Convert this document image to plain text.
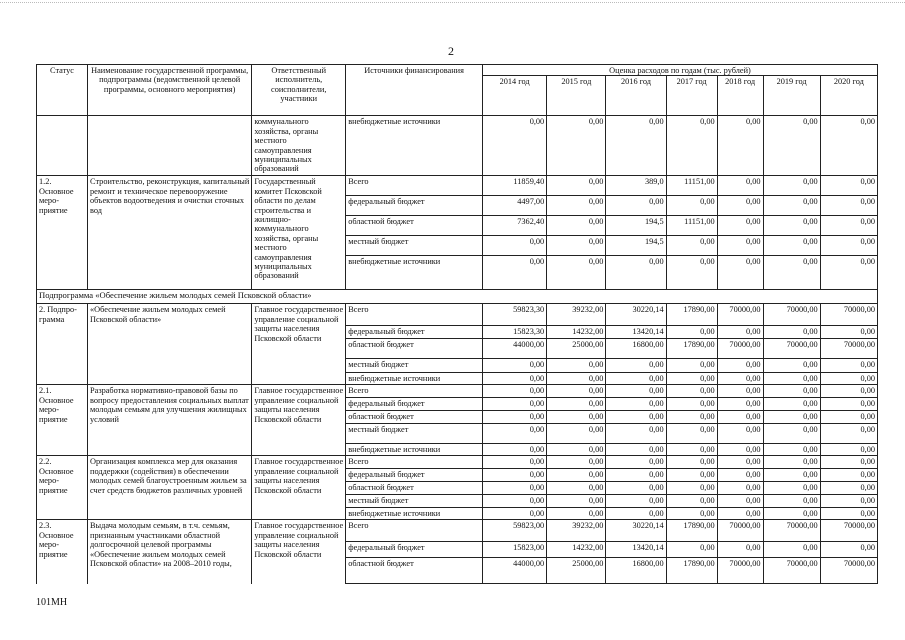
2
Статус	Наименование государственной программы, подпрограммы (ведомственной целевой программы, основного мероприятия)	Ответственный исполнитель, соисполнители, участники	Источники финансирования	Оценка расходов по годам (тыс. рублей)						
				2014 год	2015 год	2016 год	2017 год	2018 год	2019 год	2020 год
		коммунального хозяйства, органы местного самоуправления муниципальных образований	внебюджетные источники	0,00	0,00	0,00	0,00	0,00	0,00	0,00
1.2. Основное меро-приятие	Строительство, реконструкция, капитальный ремонт и техническое перевооружение объектов водоотведения и очистки сточных вод	Государственный комитет Псковской области по делам строительства и жилищно-коммунального хозяйства, органы местного самоуправления муниципальных образований	Всего	11859,40	0,00	389,0	11151,00	0,00	0,00	0,00
			федеральный бюджет	4497,00	0,00	0,00	0,00	0,00	0,00	0,00
			областной бюджет	7362,40	0,00	194,5	11151,00	0,00	0,00	0,00
			местный бюджет	0,00	0,00	194,5	0,00	0,00	0,00	0,00
			внебюджетные источники	0,00	0,00	0,00	0,00	0,00	0,00	0,00
Подпрограмма «Обеспечение жильем молодых семей Псковской области»										
2. Подпро-грамма	«Обеспечение жильем молодых семей Псковской области»	Главное государственное управление социальной защиты населения Псковской области	Всего	59823,30	39232,00	30220,14	17890,00	70000,00	70000,00	70000,00
			федеральный бюджет	15823,30	14232,00	13420,14	0,00	0,00	0,00	0,00
			областной бюджет	44000,00	25000,00	16800,00	17890,00	70000,00	70000,00	70000,00
			местный бюджет	0,00	0,00	0,00	0,00	0,00	0,00	0,00
			внебюджетные источники	0,00	0,00	0,00	0,00	0,00	0,00	0,00
2.1. Основное меро-приятие	Разработка нормативно-правовой базы по вопросу предоставления социальных выплат молодым семьям для улучшения жилищных условий	Главное государственное управление социальной защиты населения Псковской области	Всего	0,00	0,00	0,00	0,00	0,00	0,00	0,00
			федеральный бюджет	0,00	0,00	0,00	0,00	0,00	0,00	0,00
			областной бюджет	0,00	0,00	0,00	0,00	0,00	0,00	0,00
			местный бюджет	0,00	0,00	0,00	0,00	0,00	0,00	0,00
			внебюджетные источники	0,00	0,00	0,00	0,00	0,00	0,00	0,00
2.2. Основное меро-приятие	Организация комплекса мер для оказания поддержки (содействия) в обеспечении молодых семей благоустроенным жильем за счет средств бюджетов различных уровней	Главное государственное управление социальной защиты населения Псковской области	Всего	0,00	0,00	0,00	0,00	0,00	0,00	0,00
			федеральный бюджет	0,00	0,00	0,00	0,00	0,00	0,00	0,00
			областной бюджет	0,00	0,00	0,00	0,00	0,00	0,00	0,00
			местный бюджет	0,00	0,00	0,00	0,00	0,00	0,00	0,00
			внебюджетные источники	0,00	0,00	0,00	0,00	0,00	0,00	0,00
2.3. Основное меро-приятие	Выдача молодым семьям, в т.ч. семьям, признанным участниками областной долгосрочной целевой программы «Обеспечение жильем молодых семей Псковской области» на 2008–2010 годы,	Главное государственное управление социальной защиты населения Псковской области	Всего	59823,00	39232,00	30220,14	17890,00	70000,00	70000,00	70000,00
			федеральный бюджет	15823,00	14232,00	13420,14	0,00	0,00	0,00	0,00
			областной бюджет	44000,00	25000,00	16800,00	17890,00	70000,00	70000,00	70000,00
101МН
